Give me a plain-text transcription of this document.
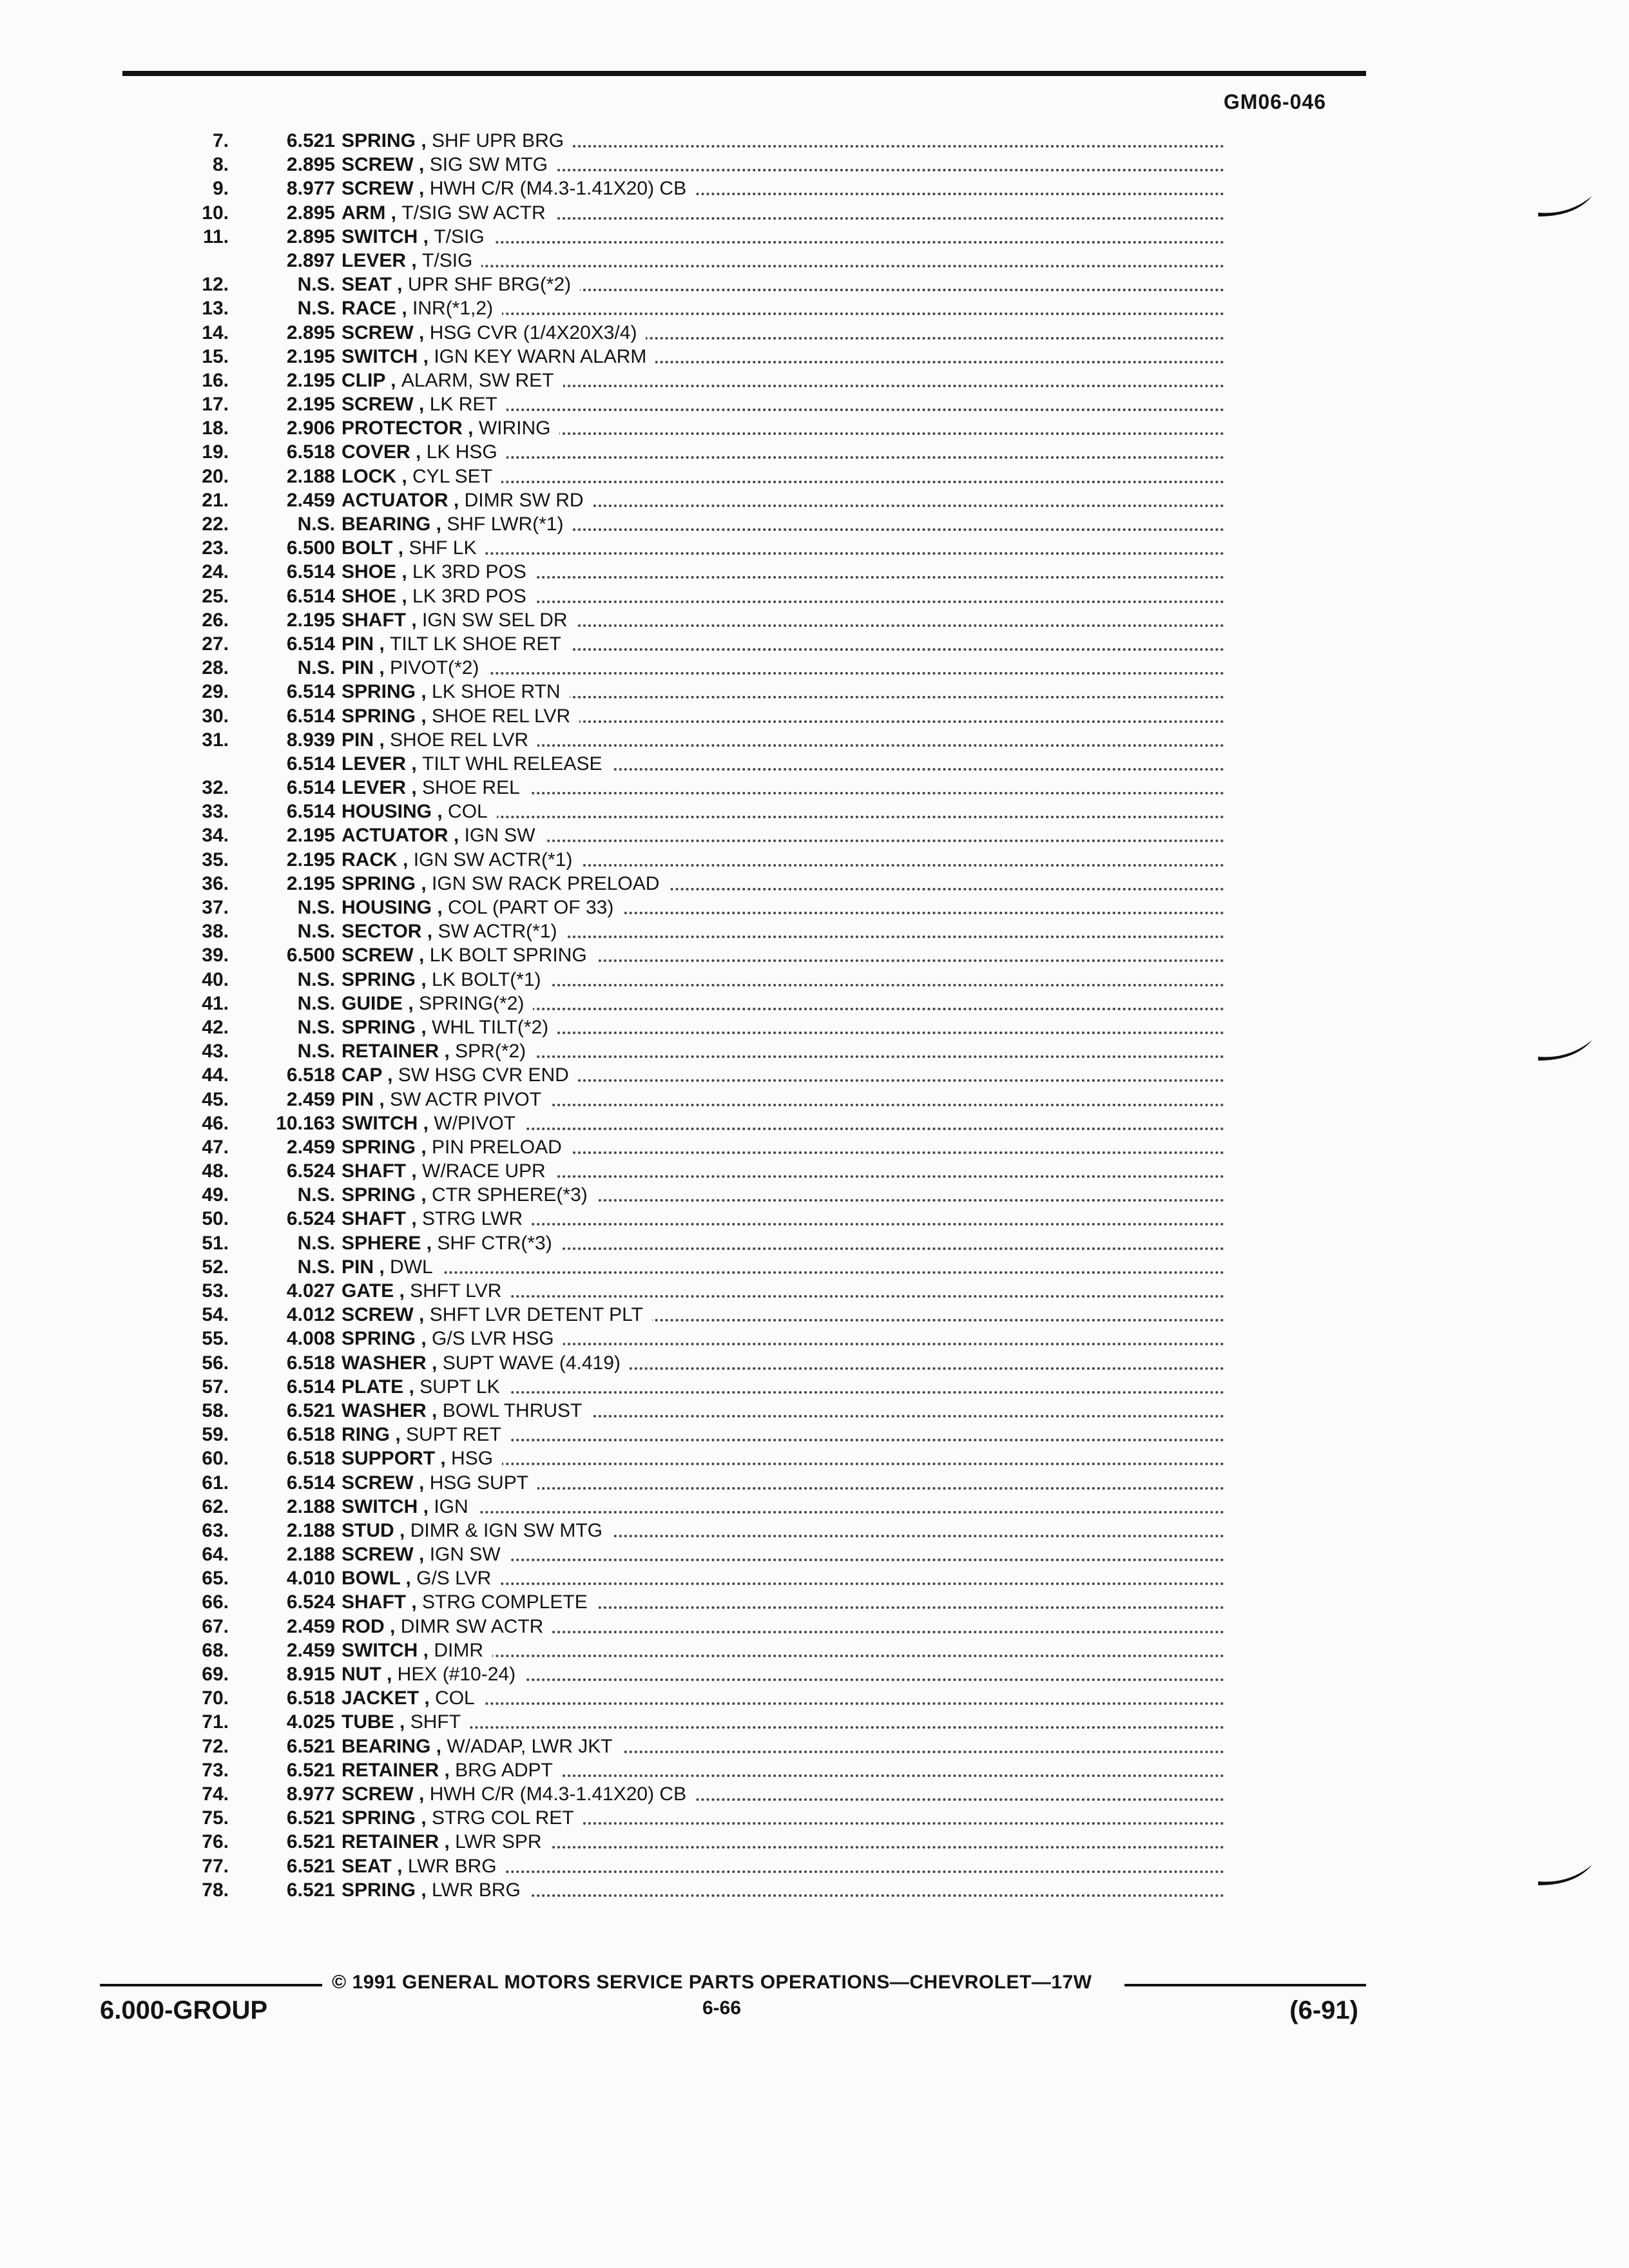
GM06-046
7.	6.521 SPRING , SHF UPR BRG
8.	2.895 SCREW , SIG SW MTG
9.	8.977 SCREW , HWH C/R (M4.3-1.41X20) CB
10.	2.895 ARM , T/SIG SW ACTR
11.	2.895 SWITCH , T/SIG
2.897 LEVER , T/SIG
12.	N.S. SEAT , UPR SHF BRG(*2)
13.	N.S. RACE , INR(*1,2)
14.	2.895 SCREW , HSG CVR (1/4X20X3/4)
15.	2.195 SWITCH , IGN KEY WARN ALARM
16.	2.195 CLIP , ALARM, SW RET
17.	2.195 SCREW , LK RET
18.	2.906 PROTECTOR , WIRING
19.	6.518 COVER , LK HSG
20.	2.188 LOCK , CYL SET
21.	2.459 ACTUATOR , DIMR SW RD
22.	N.S. BEARING , SHF LWR(*1)
23.	6.500 BOLT , SHF LK
24.	6.514 SHOE , LK 3RD POS
25.	6.514 SHOE , LK 3RD POS
26.	2.195 SHAFT , IGN SW SEL DR
27.	6.514 PIN , TILT LK SHOE RET
28.	N.S. PIN , PIVOT(*2)
29.	6.514 SPRING , LK SHOE RTN
30.	6.514 SPRING , SHOE REL LVR
31.	8.939 PIN , SHOE REL LVR
6.514 LEVER , TILT WHL RELEASE
32.	6.514 LEVER , SHOE REL
33.	6.514 HOUSING , COL
34.	2.195 ACTUATOR , IGN SW
35.	2.195 RACK , IGN SW ACTR(*1)
36.	2.195 SPRING , IGN SW RACK PRELOAD
37.	N.S. HOUSING , COL (PART OF 33)
38.	N.S. SECTOR , SW ACTR(*1)
39.	6.500 SCREW , LK BOLT SPRING
40.	N.S. SPRING , LK BOLT(*1)
41.	N.S. GUIDE , SPRING(*2)
42.	N.S. SPRING , WHL TILT(*2)
43.	N.S. RETAINER , SPR(*2)
44.	6.518 CAP , SW HSG CVR END
45.	2.459 PIN , SW ACTR PIVOT
46.	10.163 SWITCH , W/PIVOT
47.	2.459 SPRING , PIN PRELOAD
48.	6.524 SHAFT , W/RACE UPR
49.	N.S. SPRING , CTR SPHERE(*3)
50.	6.524 SHAFT , STRG LWR
51.	N.S. SPHERE , SHF CTR(*3)
52.	N.S. PIN , DWL
53.	4.027 GATE , SHFT LVR
54.	4.012 SCREW , SHFT LVR DETENT PLT
55.	4.008 SPRING , G/S LVR HSG
56.	6.518 WASHER , SUPT WAVE (4.419)
57.	6.514 PLATE , SUPT LK
58.	6.521 WASHER , BOWL THRUST
59.	6.518 RING , SUPT RET
60.	6.518 SUPPORT , HSG
61.	6.514 SCREW , HSG SUPT
62.	2.188 SWITCH , IGN
63.	2.188 STUD , DIMR & IGN SW MTG
64.	2.188 SCREW , IGN SW
65.	4.010 BOWL , G/S LVR
66.	6.524 SHAFT , STRG COMPLETE
67.	2.459 ROD , DIMR SW ACTR
68.	2.459 SWITCH , DIMR
69.	8.915 NUT , HEX (#10-24)
70.	6.518 JACKET , COL
71.	4.025 TUBE , SHFT
72.	6.521 BEARING , W/ADAP, LWR JKT
73.	6.521 RETAINER , BRG ADPT
74.	8.977 SCREW , HWH C/R (M4.3-1.41X20) CB
75.	6.521 SPRING , STRG COL RET
76.	6.521 RETAINER , LWR SPR
77.	6.521 SEAT , LWR BRG
78.	6.521 SPRING , LWR BRG
© 1991 GENERAL MOTORS SERVICE PARTS OPERATIONS—CHEVROLET—17W
6.000-GROUP	6-66	(6-91)
